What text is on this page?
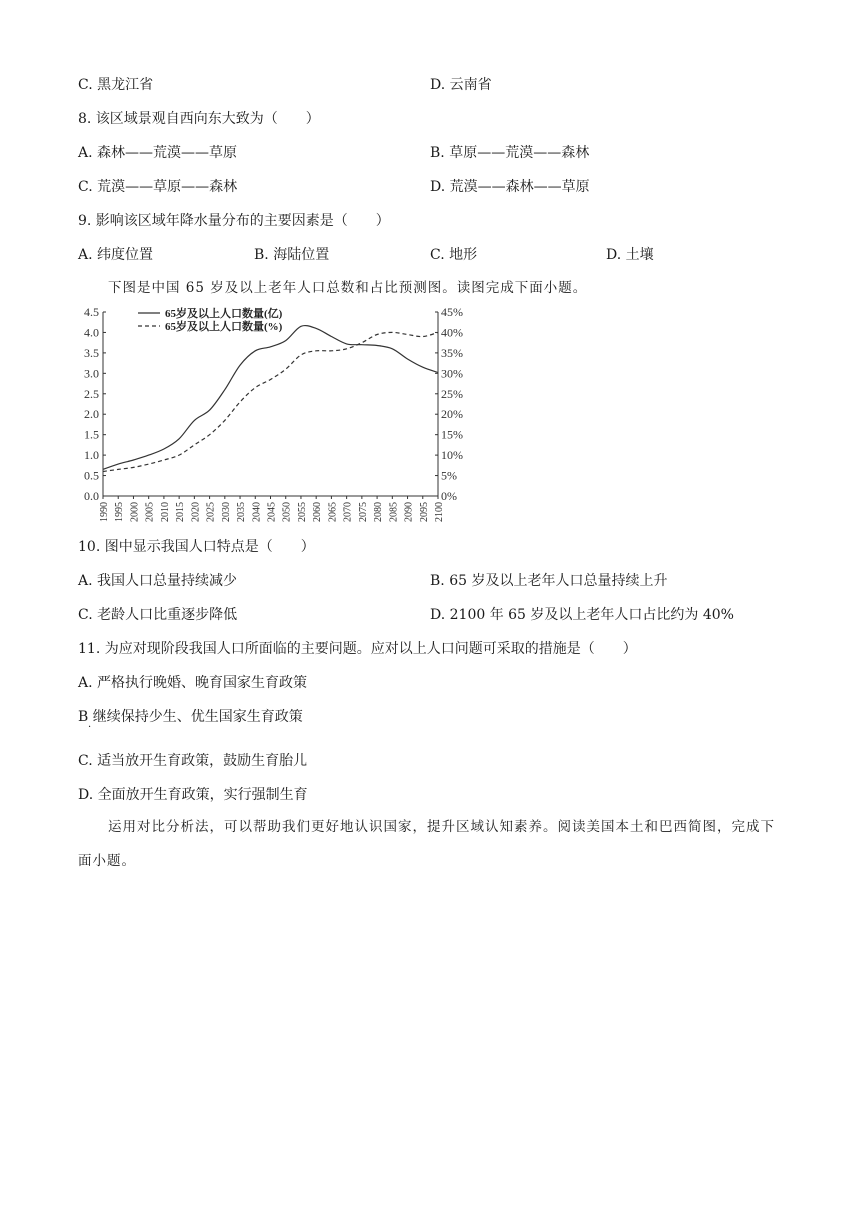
C. 黑龙江省	D. 云南省
8. 该区域景观自西向东大致为（　　）
A. 森林——荒漠——草原	B. 草原——荒漠——森林
C. 荒漠——草原——森林	D. 荒漠——森林——草原
9. 影响该区域年降水量分布的主要因素是（　　）
A. 纬度位置	B. 海陆位置	C. 地形	D. 土壤
下图是中国 65 岁及以上老年人口总数和占比预测图。读图完成下面小题。
0.0
0.5
1.0
1.5
2.0
2.5
3.0
3.5
4.0
4.5
0%
5%
10%
15%
20%
25%
30%
35%
40%
45%
1990 1995 2000 2005 2010 2015 2020 2025 2030 2035 2040 2045 2050 2055 2060 2065 2070 2075 2080 2085 2090 2095 2100
65岁及以上人口数量(亿)
65岁及以上人口数量(%)
10. 图中显示我国人口特点是（　　）
A. 我国人口总量持续减少	B. 65 岁及以上老年人口总量持续上升
C. 老龄人口比重逐步降低	D. 2100 年 65 岁及以上老年人口占比约为 40%
11. 为应对现阶段我国人口所面临的主要问题。应对以上人口问题可采取的措施是（　　）
A. 严格执行晚婚、晚育国家生育政策
B 继续保持少生、优生国家生育政策
·
C. 适当放开生育政策，鼓励生育胎儿
D. 全面放开生育政策，实行强制生育
运用对比分析法，可以帮助我们更好地认识国家，提升区域认知素养。阅读美国本土和巴西简图，完成下面小题。
